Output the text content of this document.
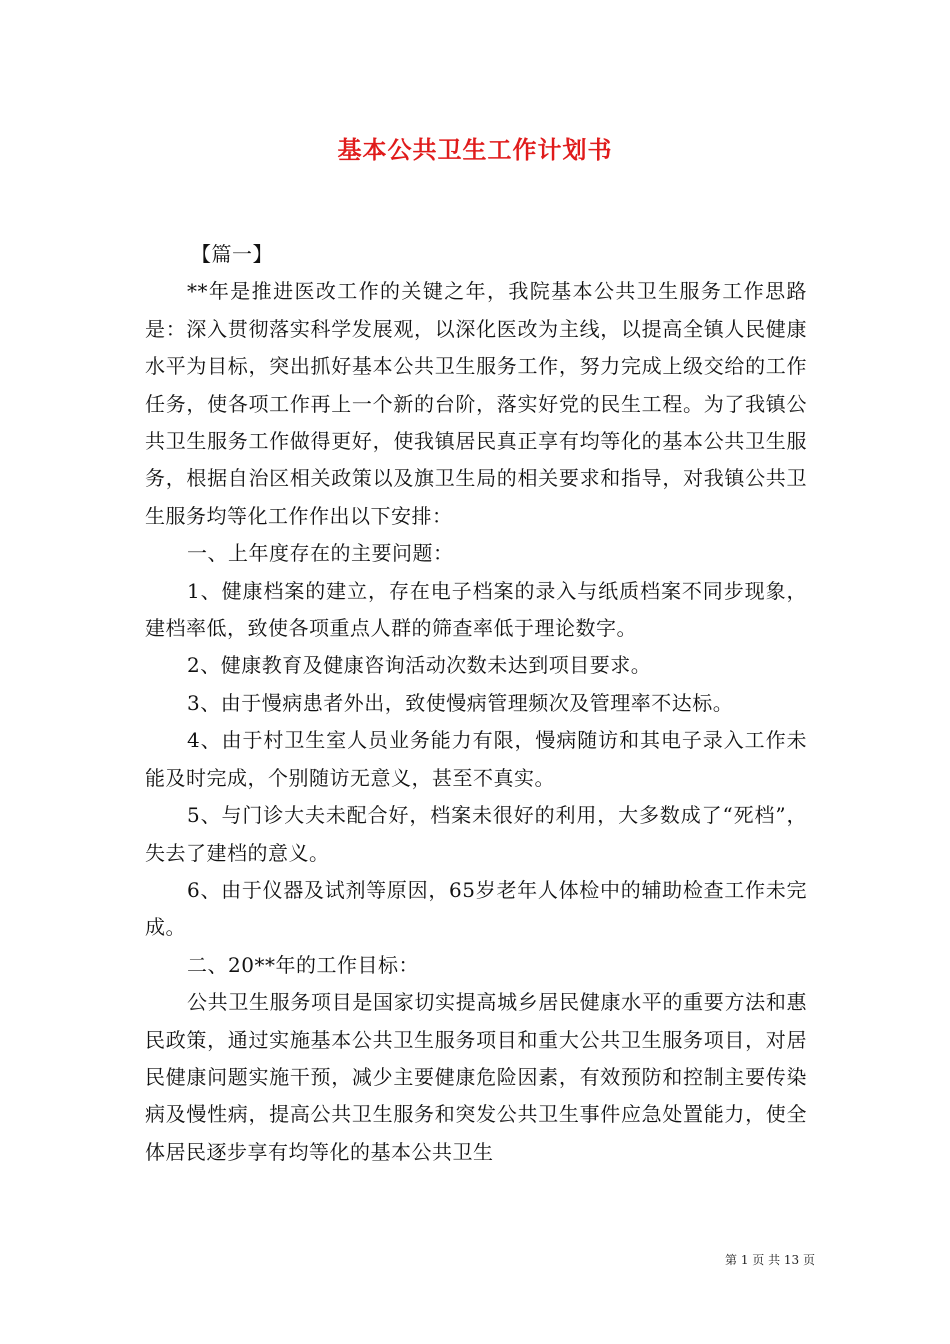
基本公共卫生工作计划书

【篇一】

**年是推进医改工作的关键之年，我院基本公共卫生服务工作思路是：深入贯彻落实科学发展观，以深化医改为主线，以提高全镇人民健康水平为目标，突出抓好基本公共卫生服务工作，努力完成上级交给的工作任务，使各项工作再上一个新的台阶，落实好党的民生工程。为了我镇公共卫生服务工作做得更好，使我镇居民真正享有均等化的基本公共卫生服务，根据自治区相关政策以及旗卫生局的相关要求和指导，对我镇公共卫生服务均等化工作作出以下安排：

一、上年度存在的主要问题：

1、健康档案的建立，存在电子档案的录入与纸质档案不同步现象，建档率低，致使各项重点人群的筛查率低于理论数字。

2、健康教育及健康咨询活动次数未达到项目要求。

3、由于慢病患者外出，致使慢病管理频次及管理率不达标。

4、由于村卫生室人员业务能力有限，慢病随访和其电子录入工作未能及时完成，个别随访无意义，甚至不真实。

5、与门诊大夫未配合好，档案未很好的利用，大多数成了“死档”，失去了建档的意义。

6、由于仪器及试剂等原因，65岁老年人体检中的辅助检查工作未完成。

二、20**年的工作目标：

公共卫生服务项目是国家切实提高城乡居民健康水平的重要方法和惠民政策，通过实施基本公共卫生服务项目和重大公共卫生服务项目，对居民健康问题实施干预，减少主要健康危险因素，有效预防和控制主要传染病及慢性病，提高公共卫生服务和突发公共卫生事件应急处置能力，使全体居民逐步享有均等化的基本公共卫生

第 1 页 共 13 页
